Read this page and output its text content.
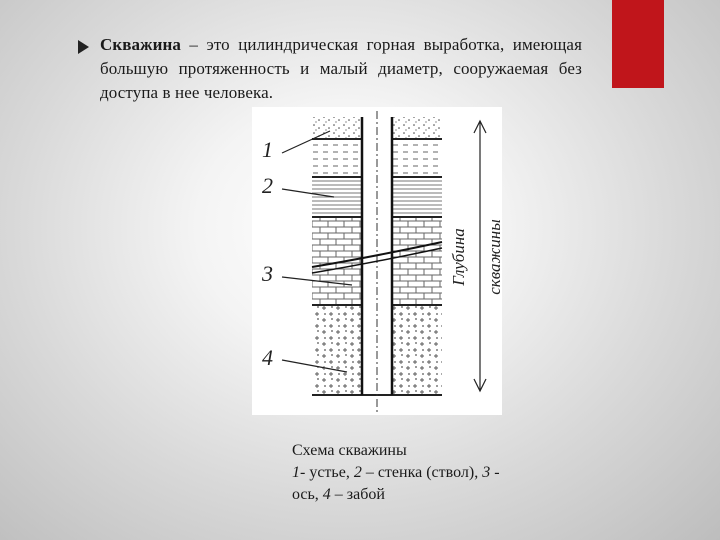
Скважина – это цилиндрическая горная выработка, имеющая большую протяженность и малый диаметр, сооружаемая без доступа в нее человека.
1
2
3
4
Глубина скважины
Схема скважины
1- устье, 2 – стенка (ствол), 3 - ось, 4 – забой
